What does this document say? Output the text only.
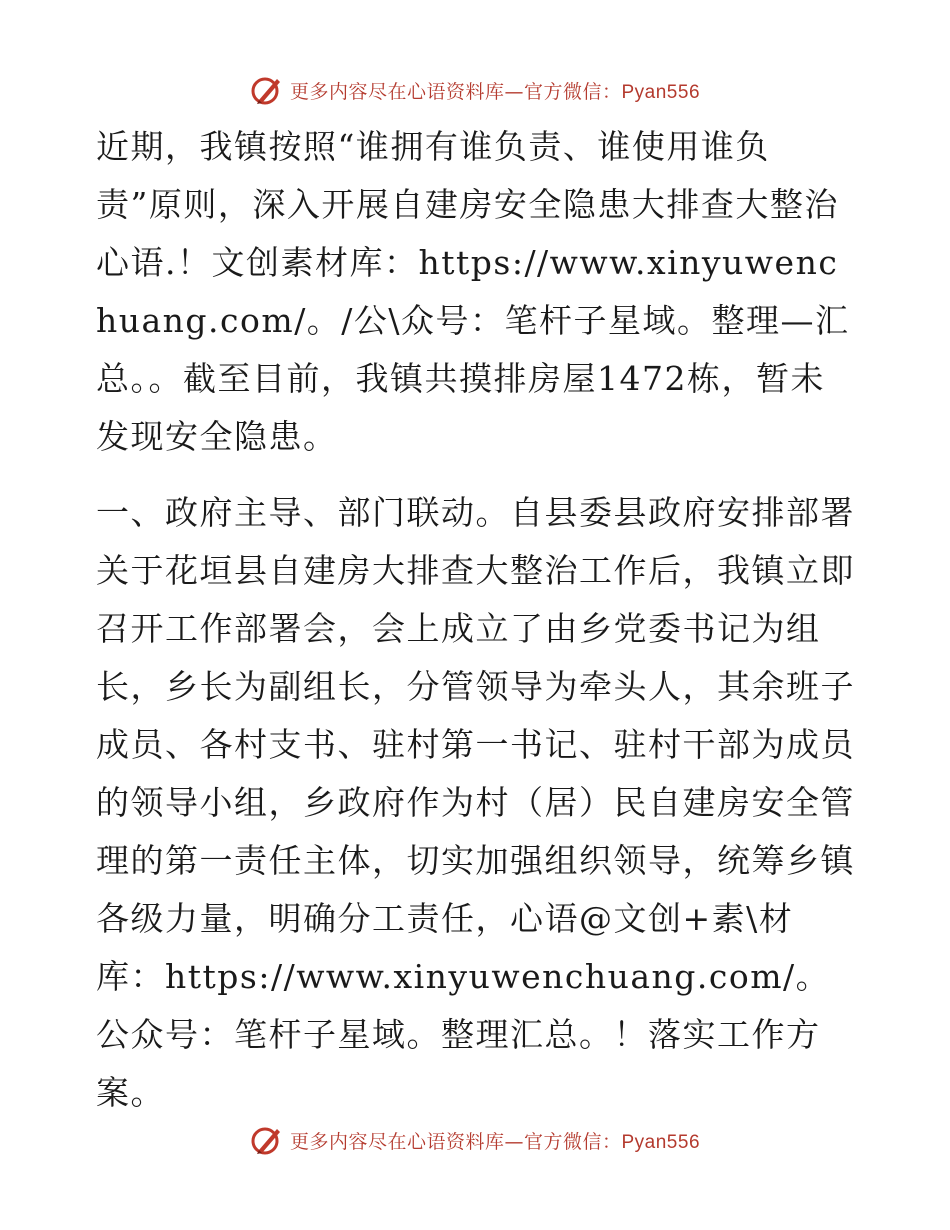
更多内容尽在心语资料库—官方微信：Pyan556

近期，我镇按照“谁拥有谁负责、谁使用谁负责”原则，深入开展自建房安全隐患大排查大整治心语.！文创素材库：https://www.xinyuwenchuang.com/。/公\众号：笔杆子星域。整理—汇总。。截至目前，我镇共摸排房屋1472栋，暂未发现安全隐患。

一、政府主导、部门联动。自县委县政府安排部署关于花垣县自建房大排查大整治工作后，我镇立即召开工作部署会，会上成立了由乡党委书记为组长，乡长为副组长，分管领导为牵头人，其余班子成员、各村支书、驻村第一书记、驻村干部为成员的领导小组，乡政府作为村（居）民自建房安全管理的第一责任主体，切实加强组织领导，统筹乡镇各级力量，明确分工责任，心语@文创+素\材库：https://www.xinyuwenchuang.com/。公众号：笔杆子星域。整理汇总。！落实工作方案。

更多内容尽在心语资料库—官方微信：Pyan556
